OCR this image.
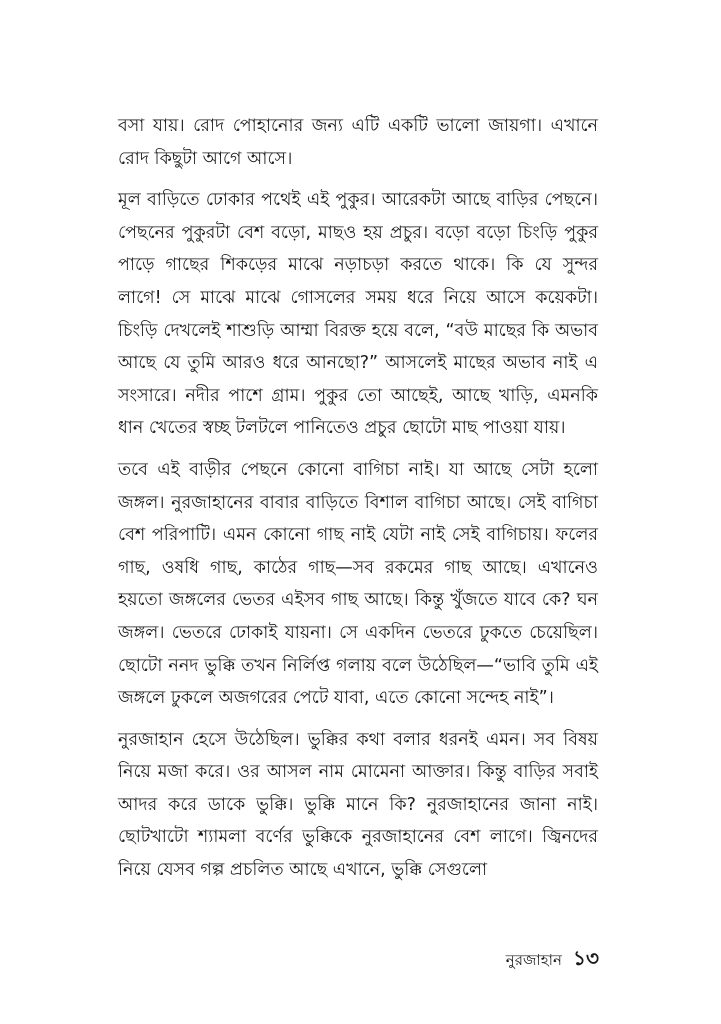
বসা যায়। রোদ পোহানোর জন্য এটি একটি ভালো জায়গা। এখানে রোদ কিছুটা আগে আসে।

মূল বাড়িতে ঢোকার পথেই এই পুকুর। আরেকটা আছে বাড়ির পেছনে। পেছনের পুকুরটা বেশ বড়ো, মাছও হয় প্রচুর। বড়ো বড়ো চিংড়ি পুকুর পাড়ে গাছের শিকড়ের মাঝে নড়াচড়া করতে থাকে। কি যে সুন্দর লাগে! সে মাঝে মাঝে গোসলের সময় ধরে নিয়ে আসে কয়েকটা। চিংড়ি দেখলেই শাশুড়ি আম্মা বিরক্ত হয়ে বলে, “বউ মাছের কি অভাব আছে যে তুমি আরও ধরে আনছো?” আসলেই মাছের অভাব নাই এ সংসারে। নদীর পাশে গ্রাম। পুকুর তো আছেই, আছে খাড়ি, এমনকি ধান খেতের স্বচ্ছ টলটলে পানিতেও প্রচুর ছোটো মাছ পাওয়া যায়।

তবে এই বাড়ীর পেছনে কোনো বাগিচা নাই। যা আছে সেটা হলো জঙ্গল। নুরজাহানের বাবার বাড়িতে বিশাল বাগিচা আছে। সেই বাগিচা বেশ পরিপাটি। এমন কোনো গাছ নাই যেটা নাই সেই বাগিচায়। ফলের গাছ, ওষধি গাছ, কাঠের গাছ—সব রকমের গাছ আছে। এখানেও হয়তো জঙ্গলের ভেতর এইসব গাছ আছে। কিন্তু খুঁজতে যাবে কে? ঘন জঙ্গল। ভেতরে ঢোকাই যায়না। সে একদিন ভেতরে ঢুকতে চেয়েছিল। ছোটো ননদ ভুক্কি তখন নির্লিপ্ত গলায় বলে উঠেছিল—“ভাবি তুমি এই জঙ্গলে ঢুকলে অজগরের পেটে যাবা, এতে কোনো সন্দেহ নাই”।

নুরজাহান হেসে উঠেছিল। ভুক্কির কথা বলার ধরনই এমন। সব বিষয় নিয়ে মজা করে। ওর আসল নাম মোমেনা আক্তার। কিন্তু বাড়ির সবাই আদর করে ডাকে ভুক্কি। ভুক্কি মানে কি? নুরজাহানের জানা নাই। ছোটখাটো শ্যামলা বর্ণের ভুক্কিকে নুরজাহানের বেশ লাগে। জ্বিনদের নিয়ে যেসব গল্প প্রচলিত আছে এখানে, ভুক্কি সেগুলো

নুরজাহান ১৩
